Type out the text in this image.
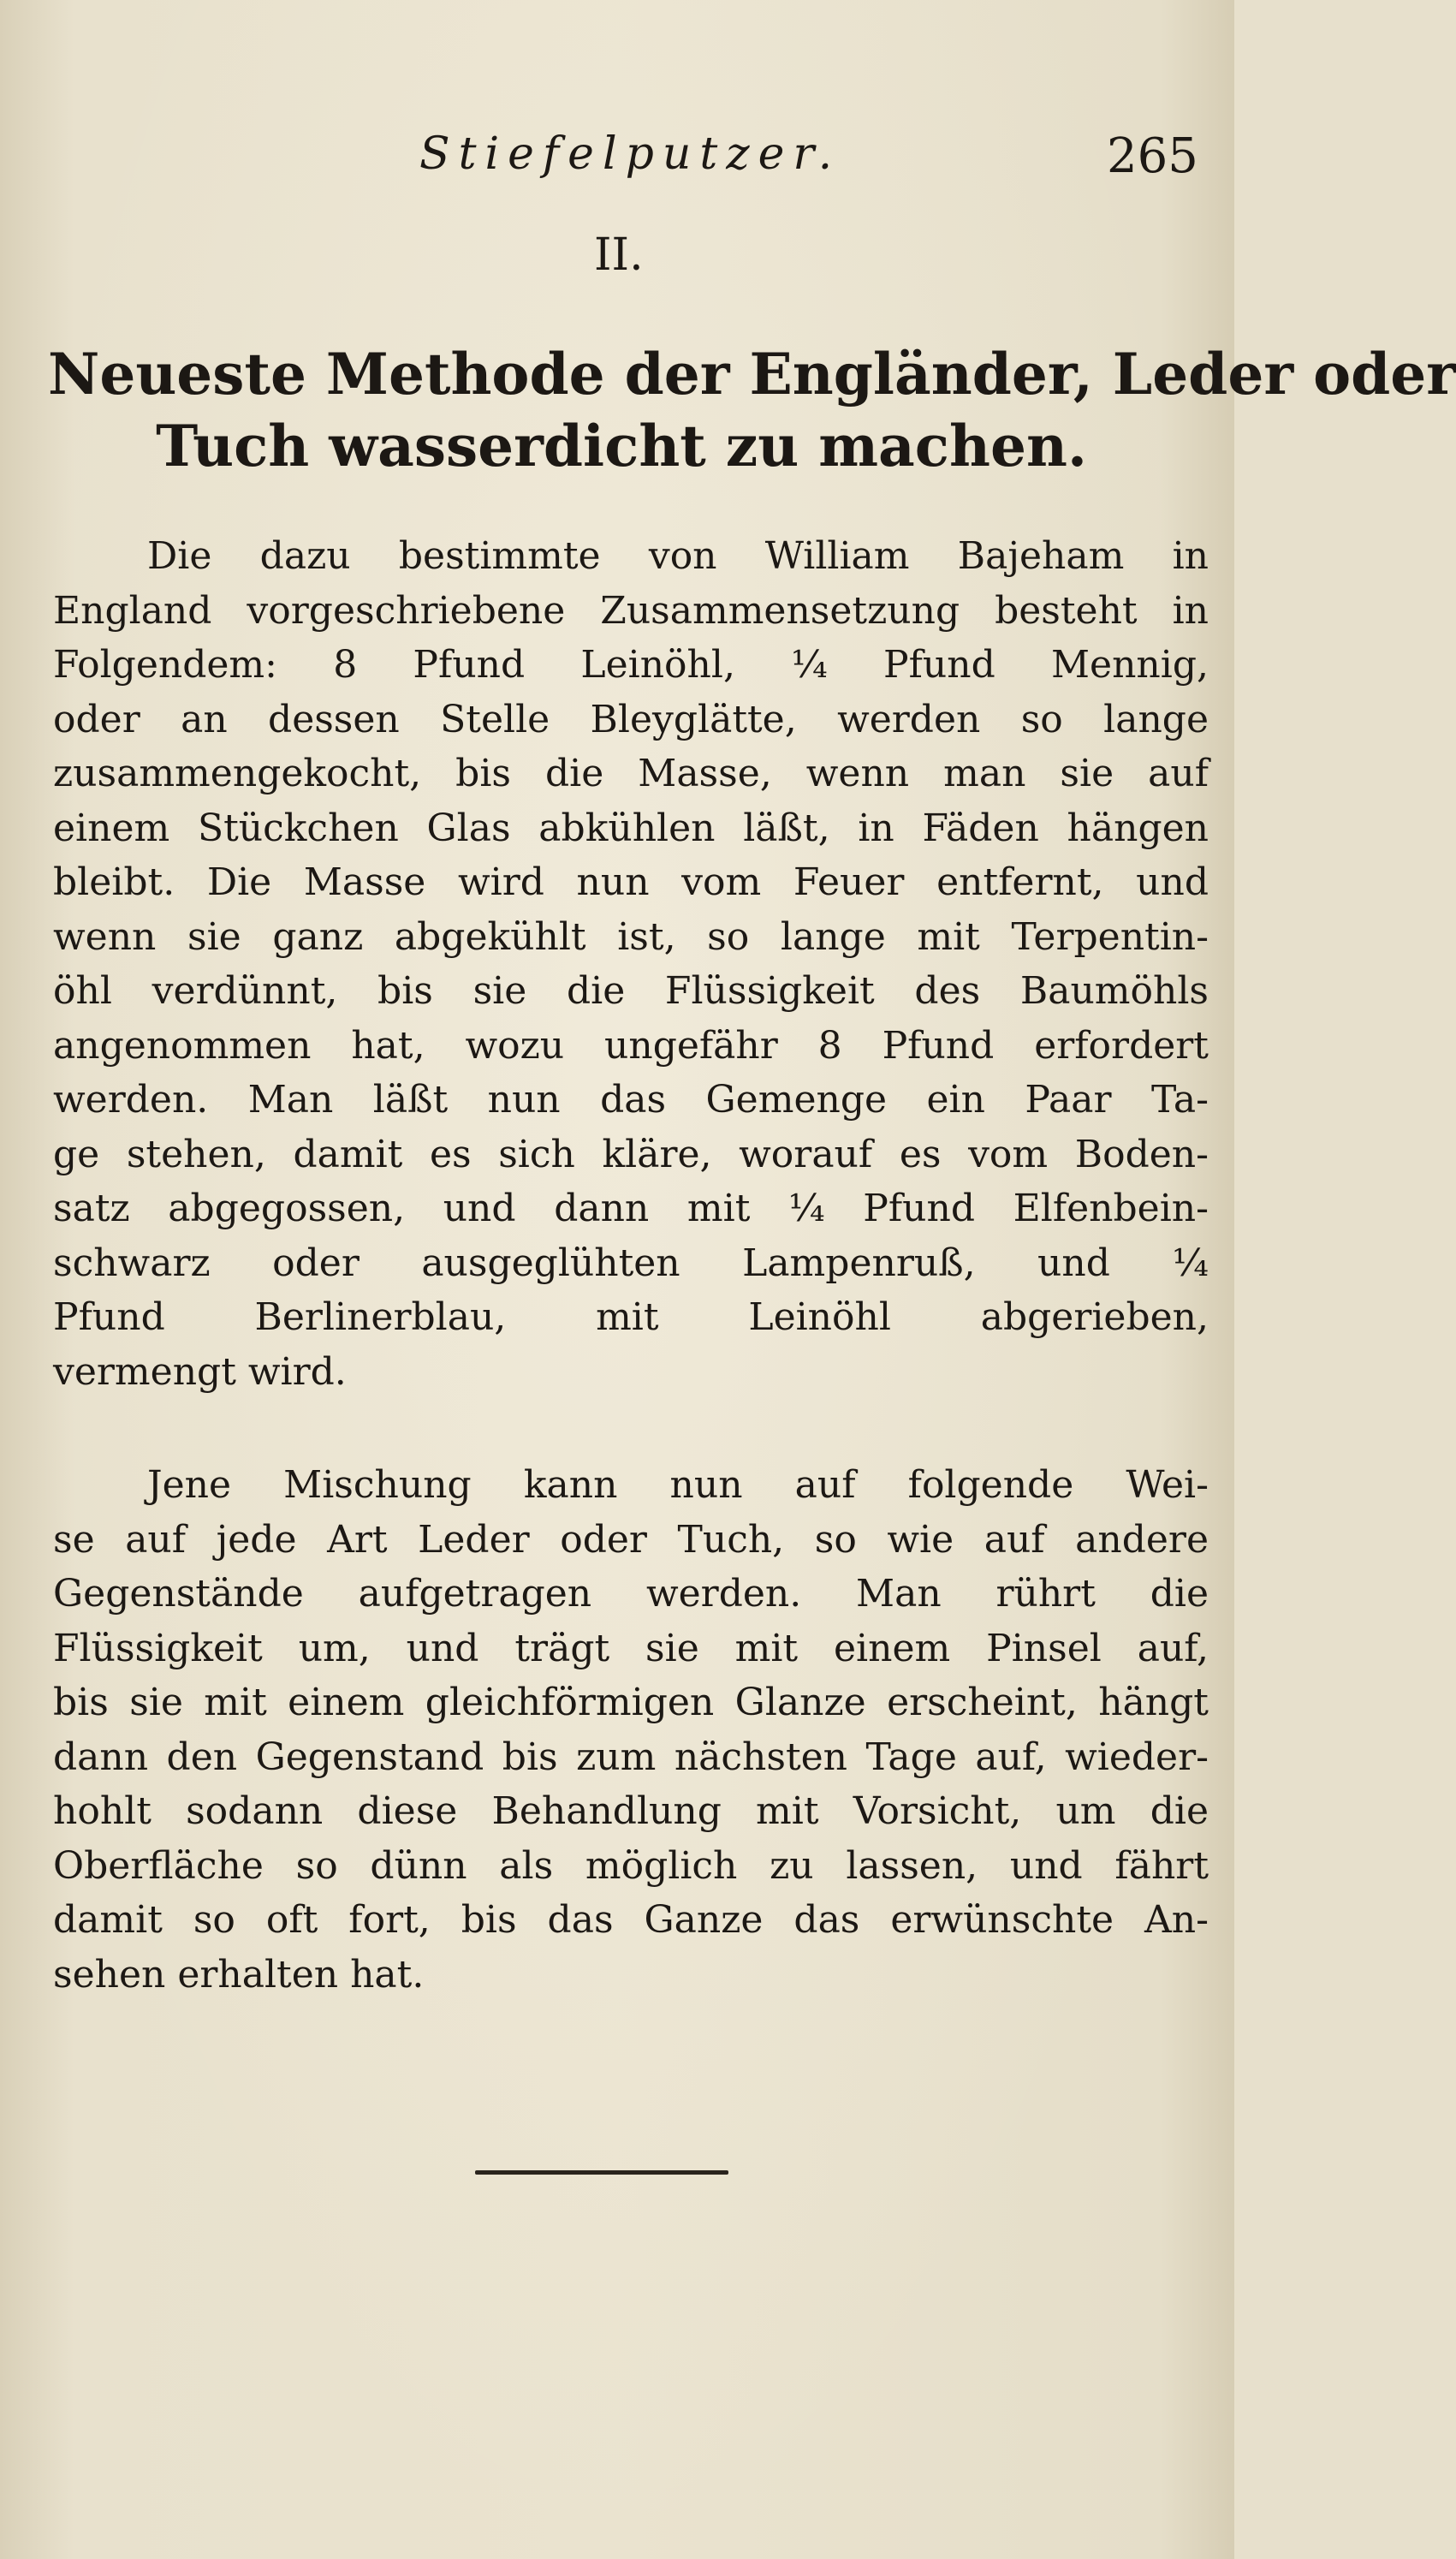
Stiefelputzer.	265
II.
Neueste Methode der Engländer, Leder oder
Tuch wasserdicht zu machen.
Die dazu bestimmte von William Bajeham in
England vorgeschriebene Zusammensetzung besteht in
Folgendem: 8 Pfund Leinöhl, ¼ Pfund Mennig,
oder an dessen Stelle Bleyglätte, werden so lange
zusammengekocht, bis die Masse, wenn man sie auf
einem Stückchen Glas abkühlen läßt, in Fäden hängen
bleibt. Die Masse wird nun vom Feuer entfernt, und
wenn sie ganz abgekühlt ist, so lange mit Terpentin-
öhl verdünnt, bis sie die Flüssigkeit des Baumöhls
angenommen hat, wozu ungefähr 8 Pfund erfordert
werden. Man läßt nun das Gemenge ein Paar Ta-
ge stehen, damit es sich kläre, worauf es vom Boden-
satz abgegossen, und dann mit ¼ Pfund Elfenbein-
schwarz oder ausgeglühten Lampenruß, und ¼
Pfund Berlinerblau, mit Leinöhl abgerieben,
vermengt wird.
Jene Mischung kann nun auf folgende Wei-
se auf jede Art Leder oder Tuch, so wie auf andere
Gegenstände aufgetragen werden. Man rührt die
Flüssigkeit um, und trägt sie mit einem Pinsel auf,
bis sie mit einem gleichförmigen Glanze erscheint, hängt
dann den Gegenstand bis zum nächsten Tage auf, wieder-
hohlt sodann diese Behandlung mit Vorsicht, um die
Oberfläche so dünn als möglich zu lassen, und fährt
damit so oft fort, bis das Ganze das erwünschte An-
sehen erhalten hat.
